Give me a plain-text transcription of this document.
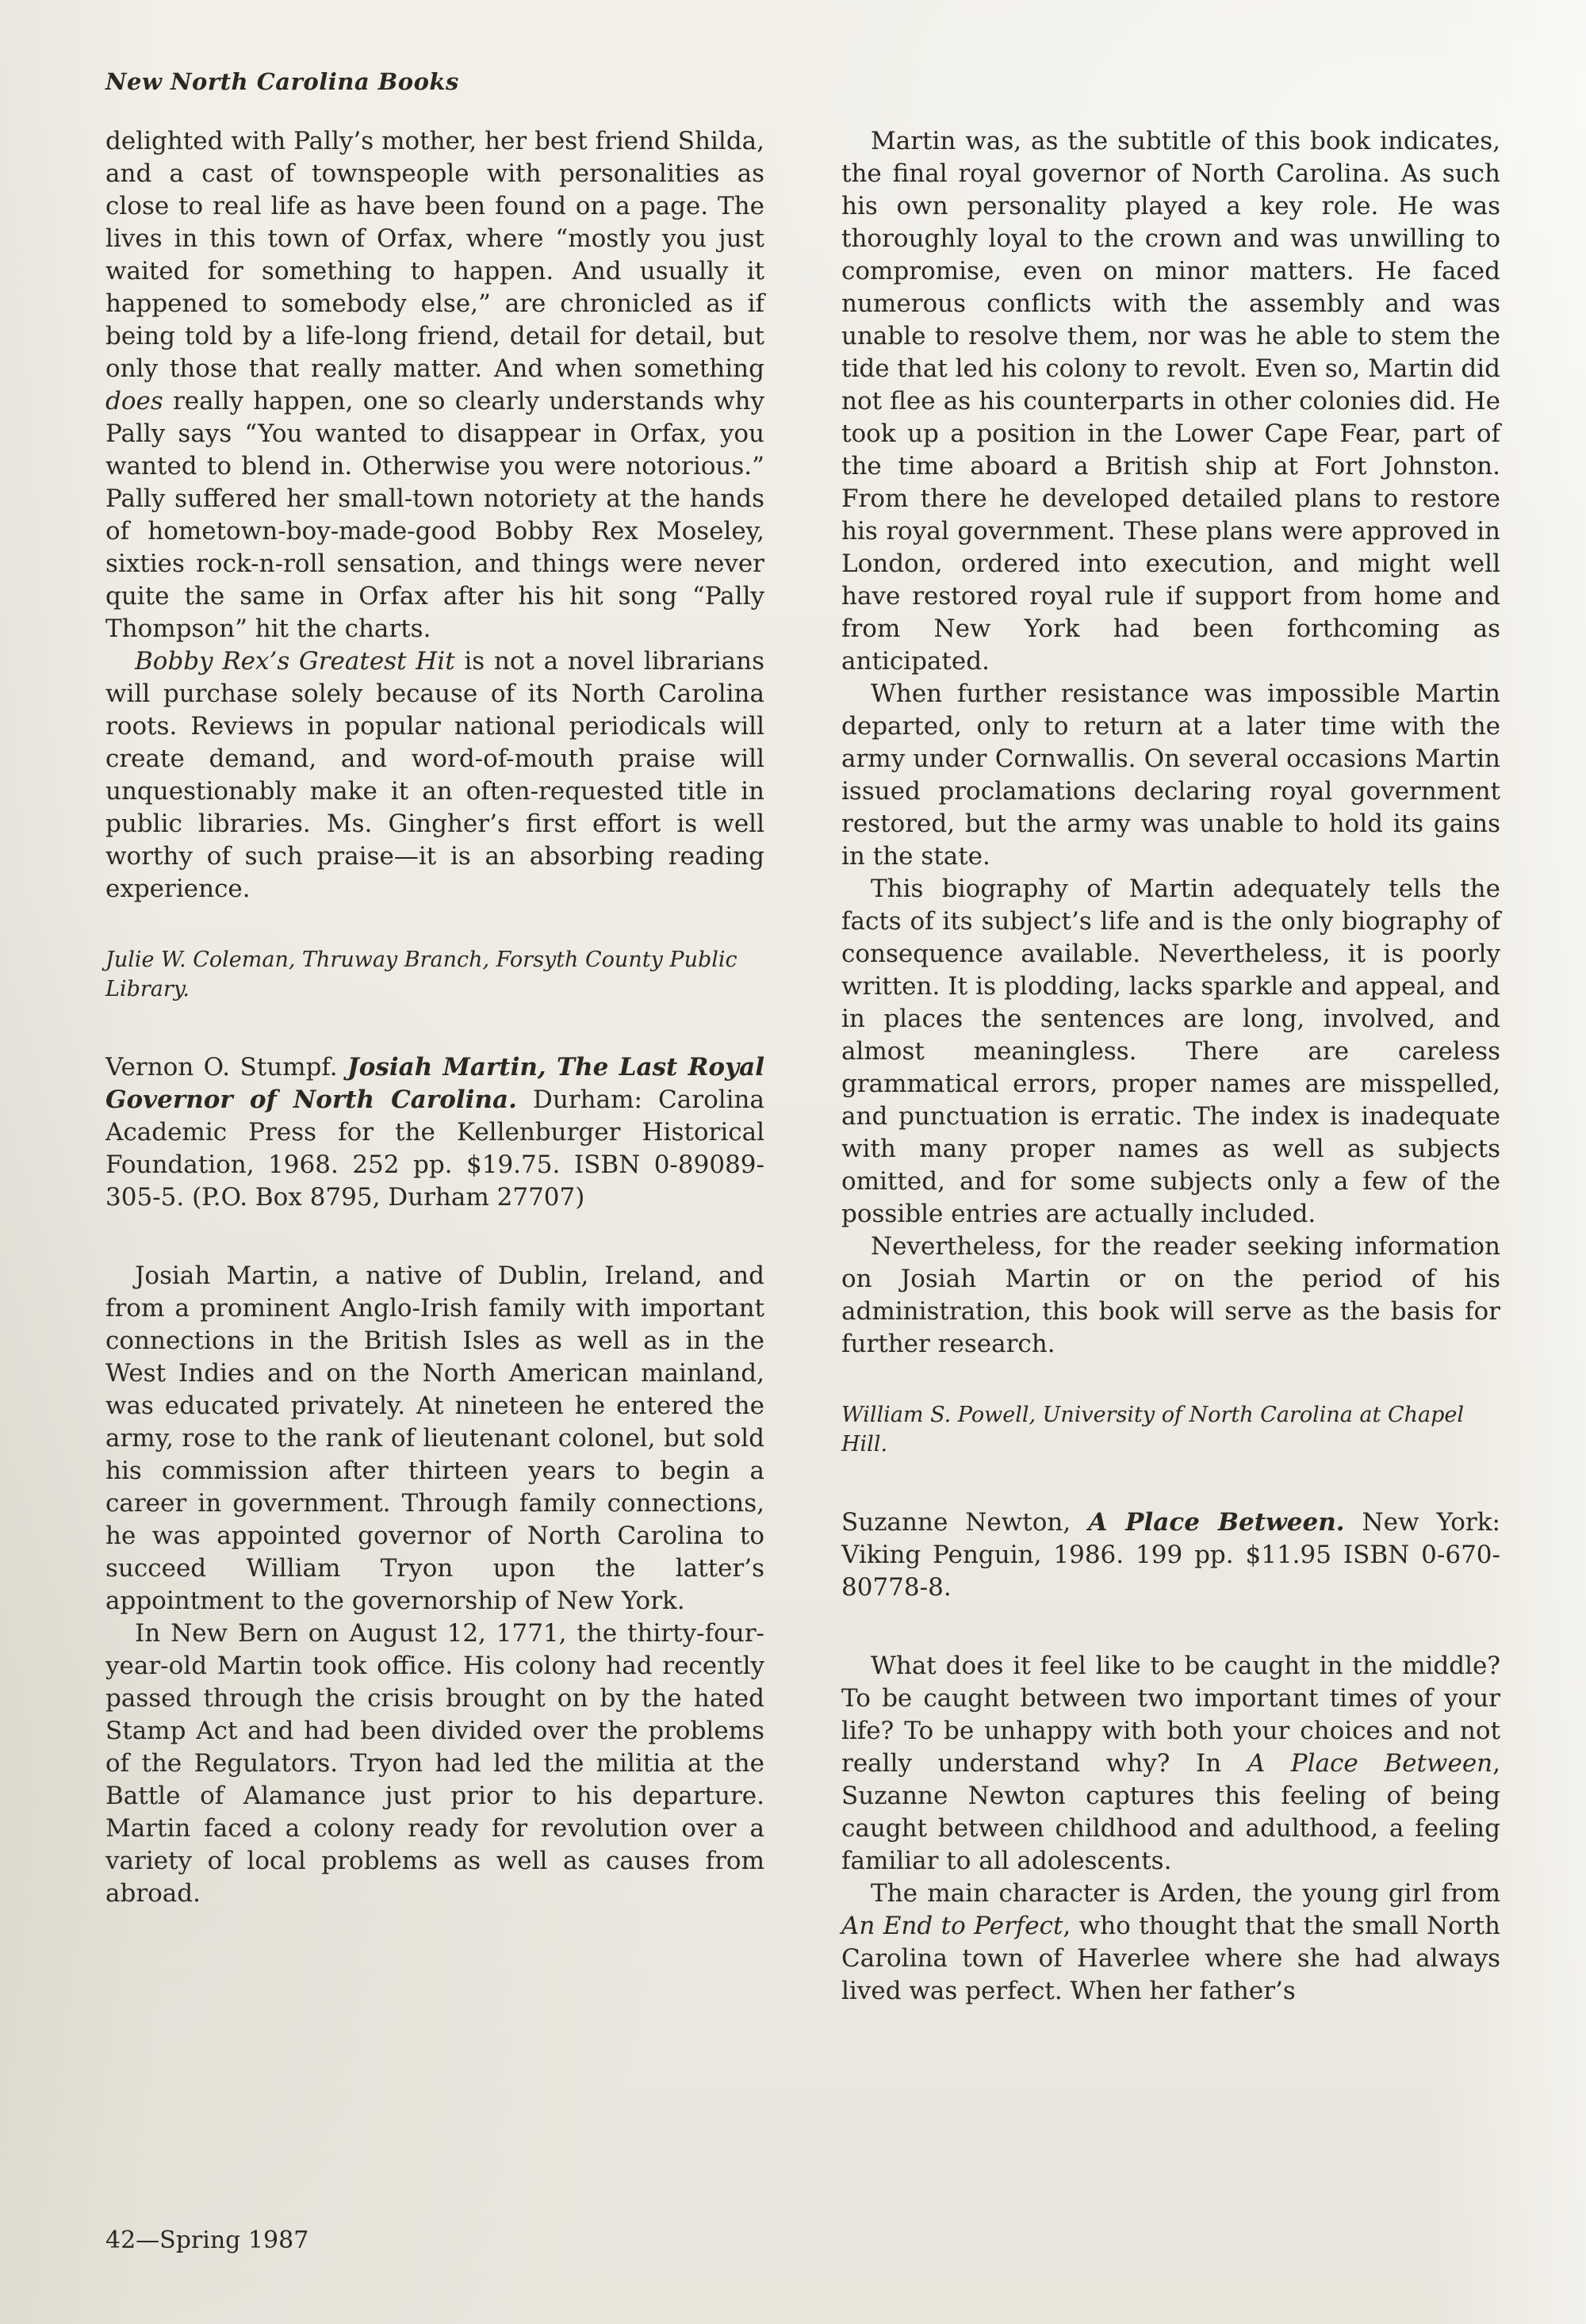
New North Carolina Books

delighted with Pally’s mother, her best friend Shilda, and a cast of townspeople with personalities as close to real life as have been found on a page. The lives in this town of Orfax, where “mostly you just waited for something to happen. And usually it happened to somebody else,” are chronicled as if being told by a life-long friend, detail for detail, but only those that really matter. And when something does really happen, one so clearly understands why Pally says “You wanted to disappear in Orfax, you wanted to blend in. Otherwise you were notorious.” Pally suffered her small-town notoriety at the hands of hometown-boy-made-good Bobby Rex Moseley, sixties rock-n-roll sensation, and things were never quite the same in Orfax after his hit song “Pally Thompson” hit the charts.

Bobby Rex’s Greatest Hit is not a novel librarians will purchase solely because of its North Carolina roots. Reviews in popular national periodicals will create demand, and word-of-mouth praise will unquestionably make it an often-requested title in public libraries. Ms. Gingher’s first effort is well worthy of such praise—it is an absorbing reading experience.

Julie W. Coleman, Thruway Branch, Forsyth County Public Library.

Vernon O. Stumpf. Josiah Martin, The Last Royal Governor of North Carolina. Durham: Carolina Academic Press for the Kellenburger Historical Foundation, 1968. 252 pp. $19.75. ISBN 0-89089-305-5. (P.O. Box 8795, Durham 27707)

Josiah Martin, a native of Dublin, Ireland, and from a prominent Anglo-Irish family with important connections in the British Isles as well as in the West Indies and on the North American mainland, was educated privately. At nineteen he entered the army, rose to the rank of lieutenant colonel, but sold his commission after thirteen years to begin a career in government. Through family connections, he was appointed governor of North Carolina to succeed William Tryon upon the latter’s appointment to the governorship of New York.

In New Bern on August 12, 1771, the thirty-four-year-old Martin took office. His colony had recently passed through the crisis brought on by the hated Stamp Act and had been divided over the problems of the Regulators. Tryon had led the militia at the Battle of Alamance just prior to his departure. Martin faced a colony ready for revolution over a variety of local problems as well as causes from abroad.

Martin was, as the subtitle of this book indicates, the final royal governor of North Carolina. As such his own personality played a key role. He was thoroughly loyal to the crown and was unwilling to compromise, even on minor matters. He faced numerous conflicts with the assembly and was unable to resolve them, nor was he able to stem the tide that led his colony to revolt. Even so, Martin did not flee as his counterparts in other colonies did. He took up a position in the Lower Cape Fear, part of the time aboard a British ship at Fort Johnston. From there he developed detailed plans to restore his royal government. These plans were approved in London, ordered into execution, and might well have restored royal rule if support from home and from New York had been forthcoming as anticipated.

When further resistance was impossible Martin departed, only to return at a later time with the army under Cornwallis. On several occasions Martin issued proclamations declaring royal government restored, but the army was unable to hold its gains in the state.

This biography of Martin adequately tells the facts of its subject’s life and is the only biography of consequence available. Nevertheless, it is poorly written. It is plodding, lacks sparkle and appeal, and in places the sentences are long, involved, and almost meaningless. There are careless grammatical errors, proper names are misspelled, and punctuation is erratic. The index is inadequate with many proper names as well as subjects omitted, and for some subjects only a few of the possible entries are actually included.

Nevertheless, for the reader seeking information on Josiah Martin or on the period of his administration, this book will serve as the basis for further research.

William S. Powell, University of North Carolina at Chapel Hill.

Suzanne Newton, A Place Between. New York: Viking Penguin, 1986. 199 pp. $11.95 ISBN 0-670-80778-8.

What does it feel like to be caught in the middle? To be caught between two important times of your life? To be unhappy with both your choices and not really understand why? In A Place Between, Suzanne Newton captures this feeling of being caught between childhood and adulthood, a feeling familiar to all adolescents.

The main character is Arden, the young girl from An End to Perfect, who thought that the small North Carolina town of Haverlee where she had always lived was perfect. When her father’s

42—Spring 1987
